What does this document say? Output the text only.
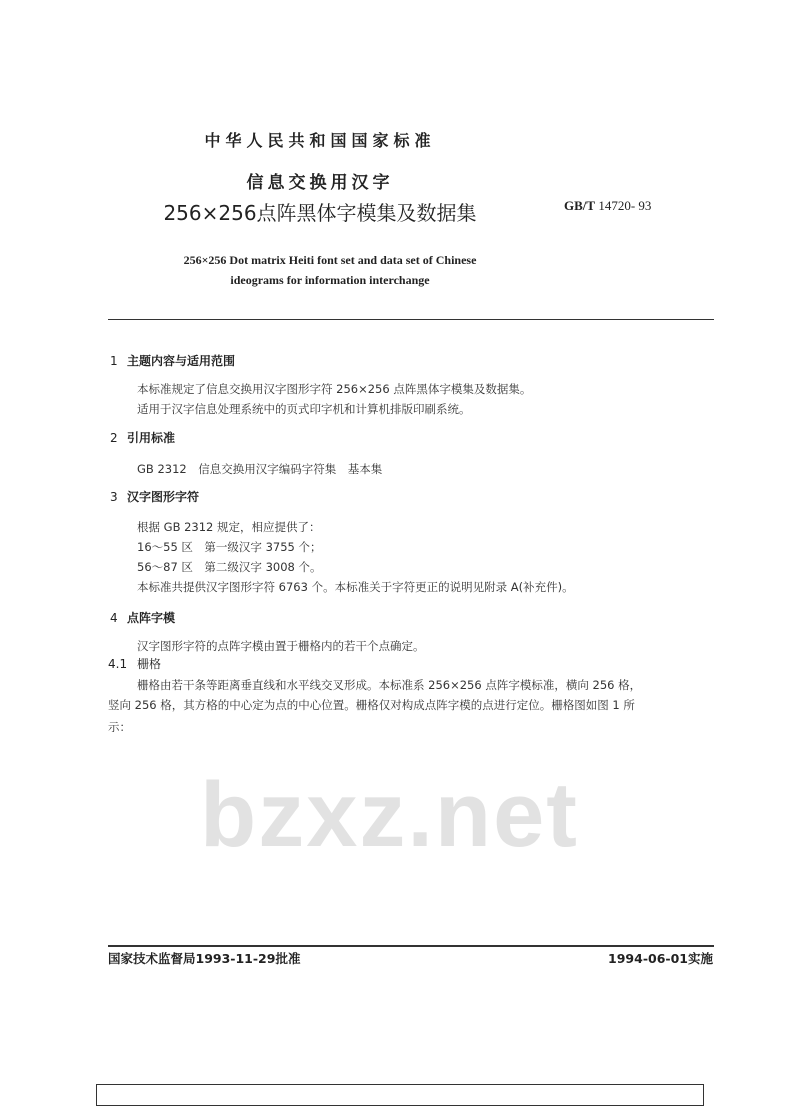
bzxz.net
中华人民共和国国家标准
信息交换用汉字
256×256点阵黑体字模集及数据集	GB/T 14720- 93
256×256 Dot matrix Heiti font set and data set of Chinese
ideograms for information interchange
1 主题内容与适用范围
本标准规定了信息交换用汉字图形字符 256×256 点阵黑体字模集及数据集。
适用于汉字信息处理系统中的页式印字机和计算机排版印刷系统。
2 引用标准
GB 2312　信息交换用汉字编码字符集　基本集
3 汉字图形字符
根据 GB 2312 规定，相应提供了：
16～55 区　第一级汉字 3755 个；
56～87 区　第二级汉字 3008 个。
本标准共提供汉字图形字符 6763 个。本标准关于字符更正的说明见附录 A(补充件)。
4 点阵字模
汉字图形字符的点阵字模由置于栅格内的若干个点确定。
4.1 栅格
栅格由若干条等距离垂直线和水平线交叉形成。本标准系 256×256 点阵字模标准，横向 256 格，
竖向 256 格，其方格的中心定为点的中心位置。栅格仅对构成点阵字模的点进行定位。栅格图如图 1 所
示：
国家技术监督局1993-11-29批准	1994-06-01实施
